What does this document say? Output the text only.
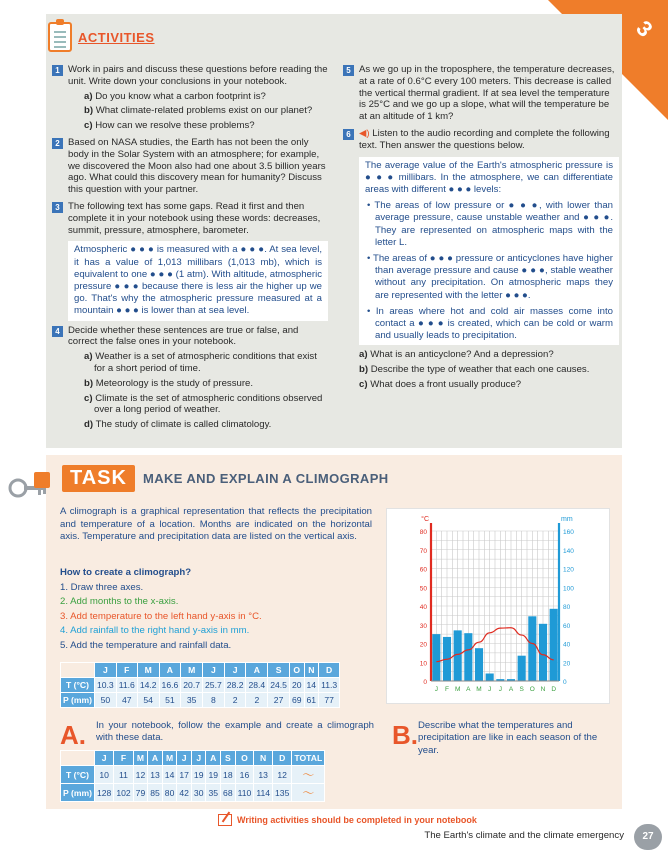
3
ACTIVITIES
1 Work in pairs and discuss these questions before reading the unit. Write down your conclusions in your notebook.
a) Do you know what a carbon footprint is?
b) What climate-related problems exist on our planet?
c) How can we resolve these problems?
2 Based on NASA studies, the Earth has not been the only body in the Solar System with an atmosphere; for example, we discovered the Moon also had one about 3.5 billion years ago. What could this discovery mean for humanity? Discuss this question with your partner.
3 The following text has some gaps. Read it first and then complete it in your notebook using these words: decreases, summit, pressure, atmosphere, barometer.
Atmospheric ● ● ● is measured with a ● ● ●. At sea level, it has a value of 1,013 millibars (1,013 mb), which is equivalent to one ● ● ● (1 atm). With altitude, atmospheric pressure ● ● ● because there is less air the higher up we go. That's why the atmospheric pressure measured at a mountain ● ● ● is lower than at sea level.
4 Decide whether these sentences are true or false, and correct the false ones in your notebook.
a) Weather is a set of atmospheric conditions that exist for a short period of time.
b) Meteorology is the study of pressure.
c) Climate is the set of atmospheric conditions observed over a long period of weather.
d) The study of climate is called climatology.
5 As we go up in the troposphere, the temperature decreases, at a rate of 0.6°C every 100 meters. This decrease is called the vertical thermal gradient. If at sea level the temperature is 25°C and we go up a slope, what will the temperature be at an altitude of 1 km?
6 ◀) Listen to the audio recording and complete the following text. Then answer the questions below.
The average value of the Earth's atmospheric pressure is ● ● ● millibars. In the atmosphere, we can differentiate areas with different ● ● ● levels:
• The areas of low pressure or ● ● ●, with lower than average pressure, cause unstable weather and ● ● ●. They are represented on atmospheric maps with the letter L.
• The areas of ● ● ● pressure or anticyclones have higher than average pressure and cause ● ● ●, stable weather without any precipitation. On atmospheric maps they are represented with the letter ● ● ●.
• In areas where hot and cold air masses come into contact a ● ● ● is created, which can be cold or warm and usually leads to precipitation.
a) What is an anticyclone? And a depression?
b) Describe the type of weather that each one causes.
c) What does a front usually produce?
TASK	MAKE AND EXPLAIN A CLIMOGRAPH
A climograph is a graphical representation that reflects the precipitation and temperature of a location. Months are indicated on the horizontal axis. Temperature and precipitation data are listed on the vertical axis.
How to create a climograph?
1. Draw three axes.
2. Add months to the x-axis.
3. Add temperature to the left hand y-axis in °C.
4. Add rainfall to the right hand y-axis in mm.
5. Add the temperature and rainfall data.
	J	F	M	A	M	J	J	A	S	O	N	D
T (°C)	10.3	11.6	14.2	16.6	20.7	25.7	28.2	28.4	24.5	20	14	11.3
P (mm)	50	47	54	51	35	8	2	2	27	69	61	77
0
10
20
30
40
50
60
70
80
0
20
40
60
80
100
120
140
160
°C	mm
J F M A M J J A S O N D
A. In your notebook, follow the example and create a climograph with these data.	B. Describe what the temperatures and precipitation are like in each season of the year.
	J	F	M	A	M	J	J	A	S	O	N	D	TOTAL
T (°C)	10	11	12	13	14	17	19	19	18	16	13	12	〜
P (mm)	128	102	79	85	80	42	30	35	68	110	114	135	〜
Writing activities should be completed in your notebook
The Earth's climate and the climate emergency	27
